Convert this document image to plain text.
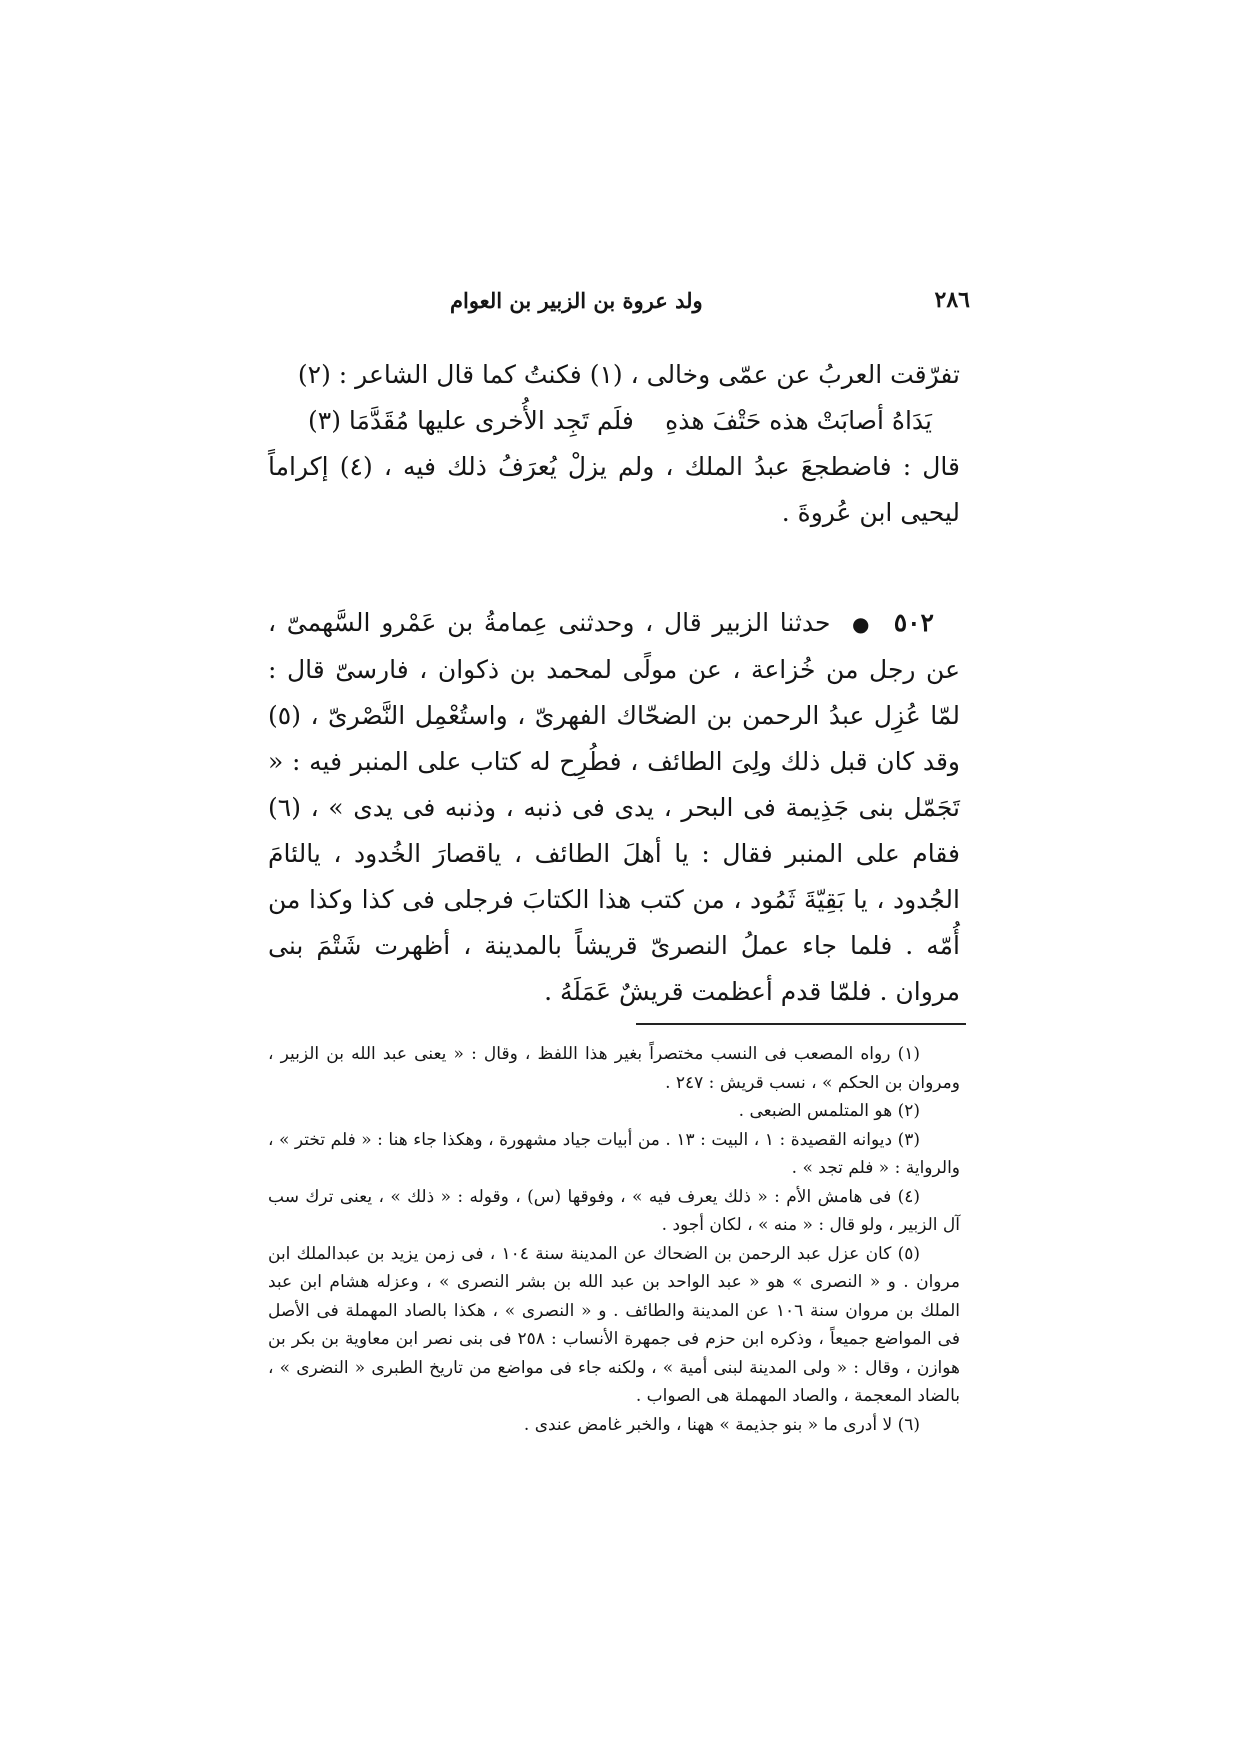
٢٨٦
ولد عروة بن الزبير بن العوام

تفرّقت العربُ عن عمّى وخالى ، (١) فكنتُ كما قال الشاعر : (٢)

يَدَاهُ أصابَتْ هذه حَتْفَ هذهِ
فلَم تَجِد الأُخرى عليها مُقَدَّمَا (٣)

قال : فاضطجعَ عبدُ الملك ، ولم يزلْ يُعرَفُ ذلك فيه ، (٤) إكراماً ليحيى ابن عُروةَ .

٥٠٢  ●  حدثنا الزبير قال ، وحدثنى عِمامةُ بن عَمْرو السَّهمىّ ، عن رجل من خُزاعة ، عن مولًى لمحمد بن ذكوان ، فارسىّ قال : لمّا عُزِل عبدُ الرحمن بن الضحّاك الفهرىّ ، واستُعْمِل النَّصْرىّ ، (٥) وقد كان قبل ذلك ولِىَ الطائف ، فطُرِح له كتاب على المنبر فيه : « تَجَمّل بنى جَذِيمة فى البحر ، يدى فى ذنبه ، وذنبه فى يدى » ، (٦) فقام على المنبر فقال : يا أهلَ الطائف ، ياقصارَ الخُدود ، يالئامَ الجُدود ، يا بَقِيّةَ ثَمُود ، من كتب هذا الكتابَ فرجلى فى كذا وكذا من أُمّه . فلما جاء عملُ النصرىّ قريشاً بالمدينة ، أظهرت شَتْمَ بنى مروان . فلمّا قدم أعظمت قريشٌ عَمَلَهُ .

(١) رواه المصعب فى النسب مختصراً بغير هذا اللفظ ، وقال : « يعنى عبد الله بن الزبير ، ومروان بن الحكم » ، نسب قريش : ٢٤٧ .

(٢) هو المتلمس الضبعى .

(٣) ديوانه القصيدة : ١ ، البيت : ١٣ . من أبيات جياد مشهورة ، وهكذا جاء هنا : « فلم تختر » ، والرواية : « فلم تجد » .

(٤) فى هامش الأم : « ذلك يعرف فيه » ، وفوقها (س) ، وقوله : « ذلك » ، يعنى ترك سب آل الزبير ، ولو قال : « منه » ، لكان أجود .

(٥) كان عزل عبد الرحمن بن الضحاك عن المدينة سنة ١٠٤ ، فى زمن يزيد بن عبدالملك ابن مروان . و « النصرى » هو « عبد الواحد بن عبد الله بن بشر النصرى » ، وعزله هشام ابن عبد الملك بن مروان سنة ١٠٦ عن المدينة والطائف . و « النصرى » ، هكذا بالصاد المهملة فى الأصل فى المواضع جميعاً ، وذكره ابن حزم فى جمهرة الأنساب : ٢٥٨ فى بنى نصر ابن معاوية بن بكر بن هوازن ، وقال : « ولى المدينة لبنى أمية » ، ولكنه جاء فى مواضع من تاريخ الطبرى « النضرى » ، بالضاد المعجمة ، والصاد المهملة هى الصواب .

(٦) لا أدرى ما « بنو جذيمة » ههنا ، والخبر غامض عندى .
